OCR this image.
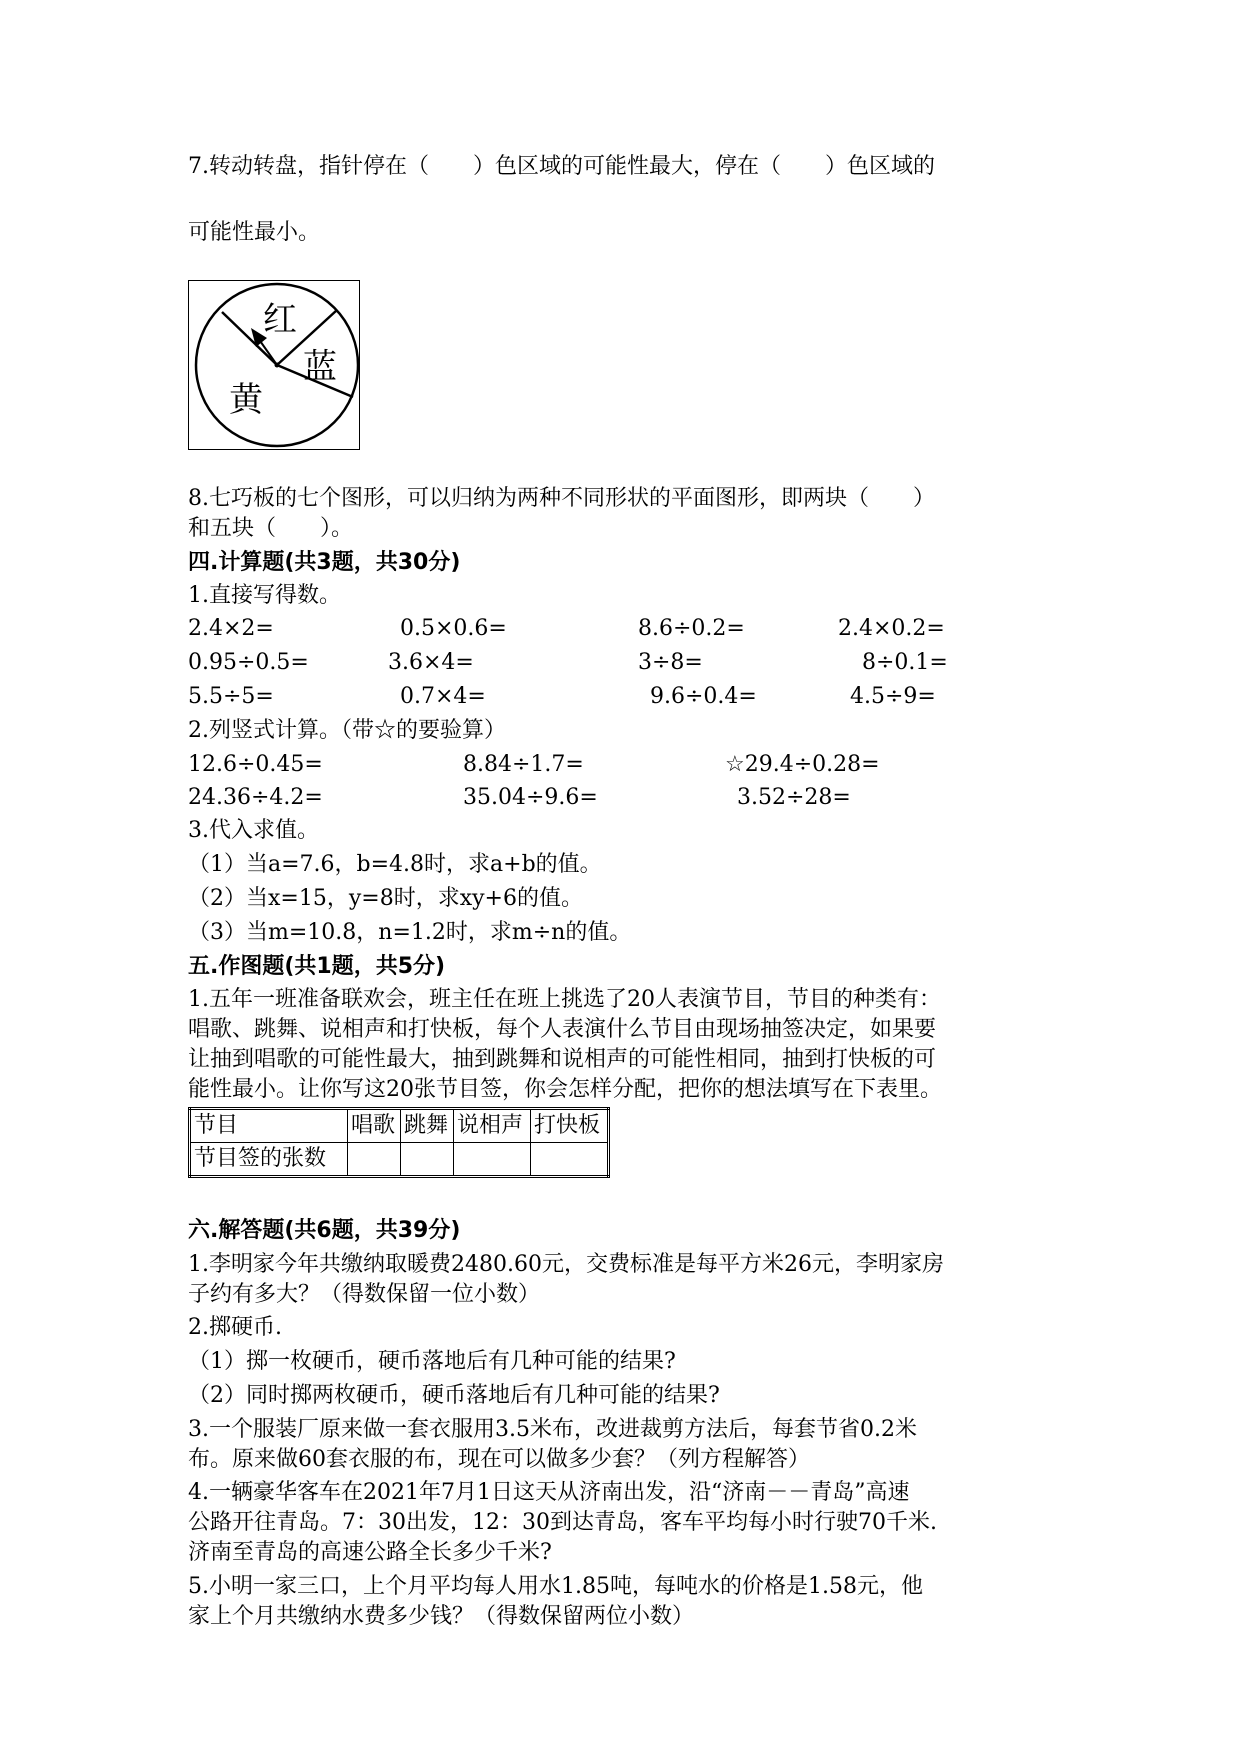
7.转动转盘，指针停在（　　）色区域的可能性最大，停在（　　）色区域的
可能性最小。
红
蓝
黄
8.七巧板的七个图形，可以归纳为两种不同形状的平面图形，即两块（　　）
和五块（　　）。
四.计算题(共3题，共30分)
1.直接写得数。
2.4×2=	0.5×0.6=	8.6÷0.2=	2.4×0.2=
0.95÷0.5=	3.6×4=	3÷8=	8÷0.1=
5.5÷5=	0.7×4=	9.6÷0.4=	4.5÷9=
2.列竖式计算。（带☆的要验算）
12.6÷0.45=	8.84÷1.7=	☆29.4÷0.28=
24.36÷4.2=	35.04÷9.6=	3.52÷28=
3.代入求值。
（1）当a=7.6，b=4.8时，求a+b的值。
（2）当x=15，y=8时，求xy+6的值。
（3）当m=10.8，n=1.2时，求m÷n的值。
五.作图题(共1题，共5分)
1.五年一班准备联欢会，班主任在班上挑选了20人表演节目，节目的种类有：
唱歌、跳舞、说相声和打快板，每个人表演什么节目由现场抽签决定，如果要
让抽到唱歌的可能性最大，抽到跳舞和说相声的可能性相同，抽到打快板的可
能性最小。让你写这20张节目签，你会怎样分配，把你的想法填写在下表里。
节目	唱歌	跳舞	说相声	打快板
节目签的张数				
六.解答题(共6题，共39分)
1.李明家今年共缴纳取暖费2480.60元，交费标准是每平方米26元，李明家房
子约有多大？（得数保留一位小数）
2.掷硬币.
（1）掷一枚硬币，硬币落地后有几种可能的结果?
（2）同时掷两枚硬币，硬币落地后有几种可能的结果?
3.一个服装厂原来做一套衣服用3.5米布，改进裁剪方法后，每套节省0.2米
布。原来做60套衣服的布，现在可以做多少套？（列方程解答）
4.一辆豪华客车在2021年7月1日这天从济南出发，沿“济南－－青岛”高速
公路开往青岛。7：30出发，12：30到达青岛，客车平均每小时行驶70千米.
济南至青岛的高速公路全长多少千米?
5.小明一家三口，上个月平均每人用水1.85吨，每吨水的价格是1.58元，他
家上个月共缴纳水费多少钱？（得数保留两位小数）
